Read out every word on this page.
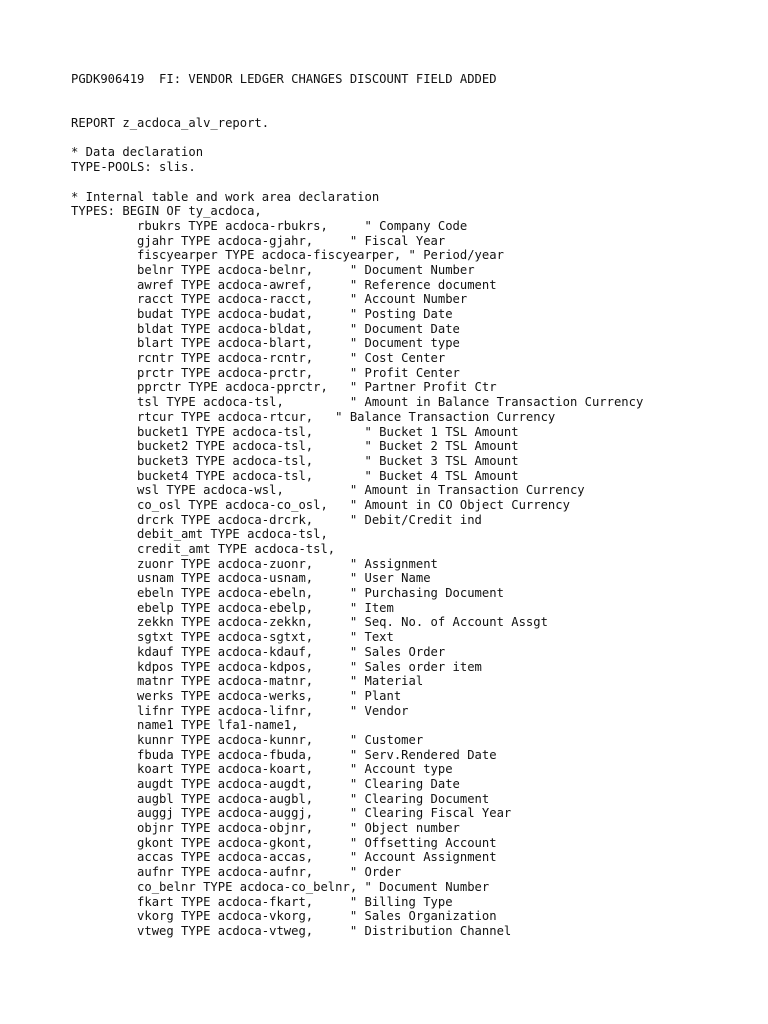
PGDK906419  FI: VENDOR LEDGER CHANGES DISCOUNT FIELD ADDED
REPORT z_acdoca_alv_report.
* Data declaration
TYPE-POOLS: slis.
* Internal table and work area declaration
TYPES: BEGIN OF ty_acdoca,
rbukrs TYPE acdoca-rbukrs,     " Company Code
gjahr TYPE acdoca-gjahr,     " Fiscal Year
fiscyearper TYPE acdoca-fiscyearper, " Period/year
belnr TYPE acdoca-belnr,     " Document Number
awref TYPE acdoca-awref,     " Reference document
racct TYPE acdoca-racct,     " Account Number
budat TYPE acdoca-budat,     " Posting Date
bldat TYPE acdoca-bldat,     " Document Date
blart TYPE acdoca-blart,     " Document type
rcntr TYPE acdoca-rcntr,     " Cost Center
prctr TYPE acdoca-prctr,     " Profit Center
pprctr TYPE acdoca-pprctr,   " Partner Profit Ctr
tsl TYPE acdoca-tsl,         " Amount in Balance Transaction Currency
rtcur TYPE acdoca-rtcur,   " Balance Transaction Currency
bucket1 TYPE acdoca-tsl,       " Bucket 1 TSL Amount
bucket2 TYPE acdoca-tsl,       " Bucket 2 TSL Amount
bucket3 TYPE acdoca-tsl,       " Bucket 3 TSL Amount
bucket4 TYPE acdoca-tsl,       " Bucket 4 TSL Amount
wsl TYPE acdoca-wsl,         " Amount in Transaction Currency
co_osl TYPE acdoca-co_osl,   " Amount in CO Object Currency
drcrk TYPE acdoca-drcrk,     " Debit/Credit ind
debit_amt TYPE acdoca-tsl,
credit_amt TYPE acdoca-tsl,
zuonr TYPE acdoca-zuonr,     " Assignment
usnam TYPE acdoca-usnam,     " User Name
ebeln TYPE acdoca-ebeln,     " Purchasing Document
ebelp TYPE acdoca-ebelp,     " Item
zekkn TYPE acdoca-zekkn,     " Seq. No. of Account Assgt
sgtxt TYPE acdoca-sgtxt,     " Text
kdauf TYPE acdoca-kdauf,     " Sales Order
kdpos TYPE acdoca-kdpos,     " Sales order item
matnr TYPE acdoca-matnr,     " Material
werks TYPE acdoca-werks,     " Plant
lifnr TYPE acdoca-lifnr,     " Vendor
name1 TYPE lfa1-name1,
kunnr TYPE acdoca-kunnr,     " Customer
fbuda TYPE acdoca-fbuda,     " Serv.Rendered Date
koart TYPE acdoca-koart,     " Account type
augdt TYPE acdoca-augdt,     " Clearing Date
augbl TYPE acdoca-augbl,     " Clearing Document
auggj TYPE acdoca-auggj,     " Clearing Fiscal Year
objnr TYPE acdoca-objnr,     " Object number
gkont TYPE acdoca-gkont,     " Offsetting Account
accas TYPE acdoca-accas,     " Account Assignment
aufnr TYPE acdoca-aufnr,     " Order
co_belnr TYPE acdoca-co_belnr, " Document Number
fkart TYPE acdoca-fkart,     " Billing Type
vkorg TYPE acdoca-vkorg,     " Sales Organization
vtweg TYPE acdoca-vtweg,     " Distribution Channel
